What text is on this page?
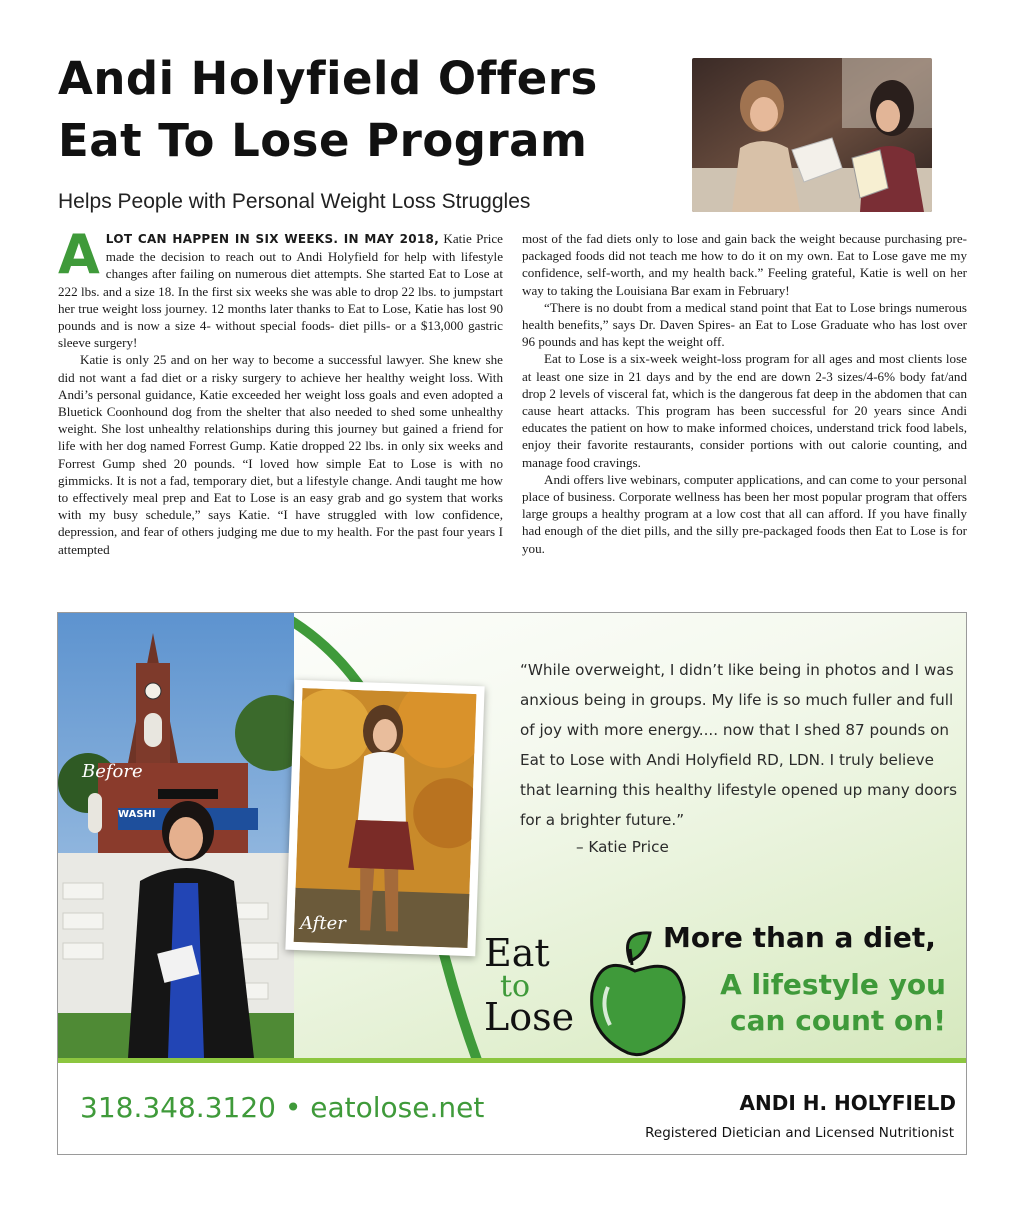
Andi Holyfield Offers
Eat To Lose Program
Helps People with Personal Weight Loss Struggles

ALOT CAN HAPPEN IN SIX WEEKS. IN MAY 2018, Katie Price made the decision to reach out to Andi Holyfield for help with lifestyle changes after failing on numerous diet attempts. She started Eat to Lose at 222 lbs. and a size 18. In the first six weeks she was able to drop 22 lbs. to jumpstart her true weight loss journey. 12 months later thanks to Eat to Lose, Katie has lost 90 pounds and is now a size 4- without special foods- diet pills- or a $13,000 gastric sleeve surgery!

Katie is only 25 and on her way to become a successful lawyer. She knew she did not want a fad diet or a risky surgery to achieve her healthy weight loss. With Andi’s personal guidance, Katie exceeded her weight loss goals and even adopted a Bluetick Coonhound dog from the shelter that also needed to shed some unhealthy weight. She lost unhealthy relationships during this journey but gained a friend for life with her dog named Forrest Gump. Katie dropped 22 lbs. in only six weeks and Forrest Gump shed 20 pounds. “I loved how simple Eat to Lose is with no gimmicks. It is not a fad, temporary diet, but a lifestyle change. Andi taught me how to effectively meal prep and Eat to Lose is an easy grab and go system that works with my busy schedule,” says Katie. “I have struggled with low confidence, depression, and fear of others judging me due to my health. For the past four years I attempted

most of the fad diets only to lose and gain back the weight because purchasing pre-packaged foods did not teach me how to do it on my own. Eat to Lose gave me my confidence, self-worth, and my health back.” Feeling grateful, Katie is well on her way to taking the Louisiana Bar exam in February!

“There is no doubt from a medical stand point that Eat to Lose brings numerous health benefits,” says Dr. Daven Spires- an Eat to Lose Graduate who has lost over 96 pounds and has kept the weight off.

Eat to Lose is a six-week weight-loss program for all ages and most clients lose at least one size in 21 days and by the end are down 2-3 sizes/4-6% body fat/and drop 2 levels of visceral fat, which is the dangerous fat deep in the abdomen that can cause heart attacks. This program has been successful for 20 years since Andi educates the patient on how to make informed choices, understand trick food labels, enjoy their favorite restaurants, consider portions with out calorie counting, and manage food cravings.

Andi offers live webinars, computer applications, and can come to your personal place of business. Corporate wellness has been her most popular program that offers large groups a healthy program at a low cost that all can afford. If you have finally had enough of the diet pills, and the silly pre-packaged foods then Eat to Lose is for you.

Before
WASHI
After
“While overweight, I didn’t like being in photos and I was anxious being in groups. My life is so much fuller and full of joy with more energy.... now that I shed 87 pounds on Eat to Lose with Andi Holyfield RD, LDN. I truly believe that learning this healthy lifestyle opened up many doors for a brighter future.”
– Katie Price
Eat
to
Lose
More than a diet,
A lifestyle you can count on!
318.348.3120 • eatolose.net	ANDI H. HOLYFIELD
Registered Dietician and Licensed Nutritionist
